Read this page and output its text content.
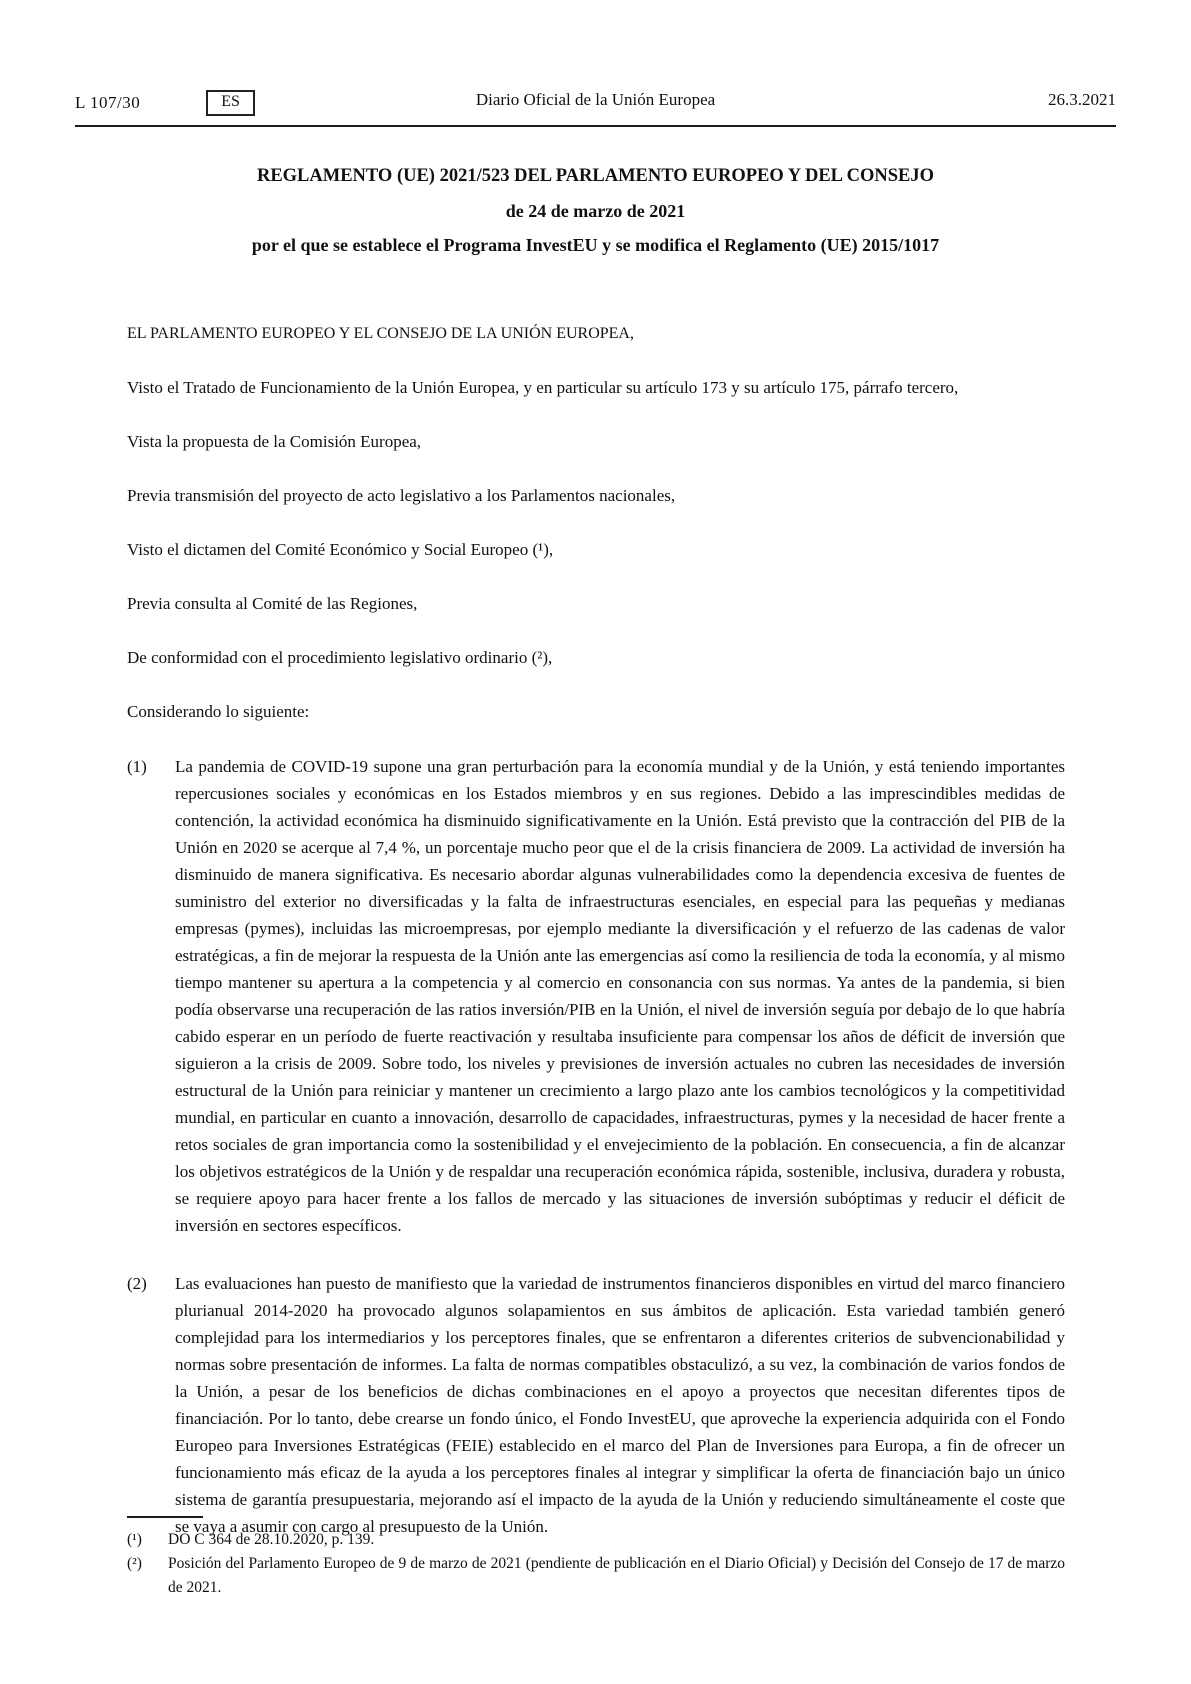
L 107/30	ES	Diario Oficial de la Unión Europea	26.3.2021
REGLAMENTO (UE) 2021/523 DEL PARLAMENTO EUROPEO Y DEL CONSEJO
de 24 de marzo de 2021
por el que se establece el Programa InvestEU y se modifica el Reglamento (UE) 2015/1017

EL PARLAMENTO EUROPEO Y EL CONSEJO DE LA UNIÓN EUROPEA,

Visto el Tratado de Funcionamiento de la Unión Europea, y en particular su artículo 173 y su artículo 175, párrafo tercero,

Vista la propuesta de la Comisión Europea,

Previa transmisión del proyecto de acto legislativo a los Parlamentos nacionales,

Visto el dictamen del Comité Económico y Social Europeo (¹),

Previa consulta al Comité de las Regiones,

De conformidad con el procedimiento legislativo ordinario (²),

Considerando lo siguiente:

(1)	La pandemia de COVID-19 supone una gran perturbación para la economía mundial y de la Unión, y está teniendo importantes repercusiones sociales y económicas en los Estados miembros y en sus regiones. Debido a las imprescindibles medidas de contención, la actividad económica ha disminuido significativamente en la Unión. Está previsto que la contracción del PIB de la Unión en 2020 se acerque al 7,4 %, un porcentaje mucho peor que el de la crisis financiera de 2009. La actividad de inversión ha disminuido de manera significativa. Es necesario abordar algunas vulnerabilidades como la dependencia excesiva de fuentes de suministro del exterior no diversificadas y la falta de infraestructuras esenciales, en especial para las pequeñas y medianas empresas (pymes), incluidas las microempresas, por ejemplo mediante la diversificación y el refuerzo de las cadenas de valor estratégicas, a fin de mejorar la respuesta de la Unión ante las emergencias así como la resiliencia de toda la economía, y al mismo tiempo mantener su apertura a la competencia y al comercio en consonancia con sus normas. Ya antes de la pandemia, si bien podía observarse una recuperación de las ratios inversión/PIB en la Unión, el nivel de inversión seguía por debajo de lo que habría cabido esperar en un período de fuerte reactivación y resultaba insuficiente para compensar los años de déficit de inversión que siguieron a la crisis de 2009. Sobre todo, los niveles y previsiones de inversión actuales no cubren las necesidades de inversión estructural de la Unión para reiniciar y mantener un crecimiento a largo plazo ante los cambios tecnológicos y la competitividad mundial, en particular en cuanto a innovación, desarrollo de capacidades, infraestructuras, pymes y la necesidad de hacer frente a retos sociales de gran importancia como la sostenibilidad y el envejecimiento de la población. En consecuencia, a fin de alcanzar los objetivos estratégicos de la Unión y de respaldar una recuperación económica rápida, sostenible, inclusiva, duradera y robusta, se requiere apoyo para hacer frente a los fallos de mercado y las situaciones de inversión subóptimas y reducir el déficit de inversión en sectores específicos.
(2)	Las evaluaciones han puesto de manifiesto que la variedad de instrumentos financieros disponibles en virtud del marco financiero plurianual 2014-2020 ha provocado algunos solapamientos en sus ámbitos de aplicación. Esta variedad también generó complejidad para los intermediarios y los perceptores finales, que se enfrentaron a diferentes criterios de subvencionabilidad y normas sobre presentación de informes. La falta de normas compatibles obstaculizó, a su vez, la combinación de varios fondos de la Unión, a pesar de los beneficios de dichas combinaciones en el apoyo a proyectos que necesitan diferentes tipos de financiación. Por lo tanto, debe crearse un fondo único, el Fondo InvestEU, que aproveche la experiencia adquirida con el Fondo Europeo para Inversiones Estratégicas (FEIE) establecido en el marco del Plan de Inversiones para Europa, a fin de ofrecer un funcionamiento más eficaz de la ayuda a los perceptores finales al integrar y simplificar la oferta de financiación bajo un único sistema de garantía presupuestaria, mejorando así el impacto de la ayuda de la Unión y reduciendo simultáneamente el coste que se vaya a asumir con cargo al presupuesto de la Unión.
(¹)	DO C 364 de 28.10.2020, p. 139.
(²)	Posición del Parlamento Europeo de 9 de marzo de 2021 (pendiente de publicación en el Diario Oficial) y Decisión del Consejo de 17 de marzo de 2021.
